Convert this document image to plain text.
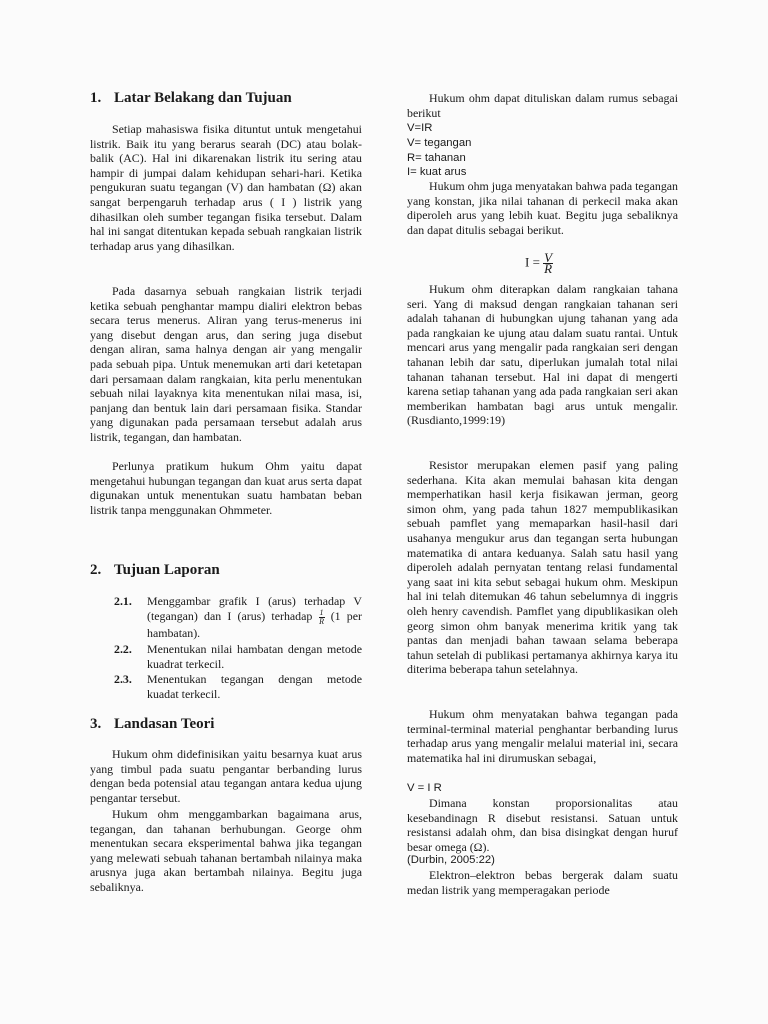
1. Latar Belakang dan Tujuan

Setiap mahasiswa fisika dituntut untuk mengetahui listrik. Baik itu yang berarus searah (DC) atau bolak-balik (AC). Hal ini dikarenakan listrik itu sering atau hampir di jumpai dalam kehidupan sehari-hari. Ketika pengukuran suatu tegangan (V) dan hambatan (Ω) akan sangat berpengaruh terhadap arus ( I ) listrik yang dihasilkan oleh sumber tegangan fisika tersebut. Dalam hal ini sangat ditentukan kepada sebuah rangkaian listrik terhadap arus yang dihasilkan.

Pada dasarnya sebuah rangkaian listrik terjadi ketika sebuah penghantar mampu dialiri elektron bebas secara terus menerus. Aliran yang terus-menerus ini yang disebut dengan arus, dan sering juga disebut dengan aliran, sama halnya dengan air yang mengalir pada sebuah pipa. Untuk menemukan arti dari ketetapan dari persamaan dalam rangkaian, kita perlu menentukan sebuah nilai layaknya kita menentukan nilai masa, isi, panjang dan bentuk lain dari persamaan fisika. Standar yang digunakan pada persamaan tersebut adalah arus listrik, tegangan, dan hambatan.

Perlunya pratikum hukum Ohm yaitu dapat mengetahui hubungan tegangan dan kuat arus serta dapat digunakan untuk menentukan suatu hambatan beban listrik tanpa menggunakan Ohmmeter.

2. Tujuan Laporan
2.1. Menggambar grafik I (arus) terhadap V (tegangan) dan I (arus) terhadap $\frac{1}{R} (1$ per hambatan).
2.2. Menentukan nilai hambatan dengan metode kuadrat terkecil.
2.3. Menentukan tegangan dengan metode kuadat terkecil.
3. Landasan Teori

Hukum ohm didefinisikan yaitu besarnya kuat arus yang timbul pada suatu pengantar berbanding lurus dengan beda potensial atau tegangan antara kedua ujung pengantar tersebut.

Hukum ohm menggambarkan bagaimana arus, tegangan, dan tahanan berhubungan. George ohm menentukan secara eksperimental bahwa jika tegangan yang melewati sebuah tahanan bertambah nilainya maka arusnya juga akan bertambah nilainya. Begitu juga sebaliknya.

Hukum ohm dapat dituliskan dalam rumus sebagai berikut

V=IR
V= tegangan
R= tahanan
I= kuat arus

Hukum ohm juga menyatakan bahwa pada tegangan yang konstan, jika nilai tahanan di perkecil maka akan diperoleh arus yang lebih kuat. Begitu juga sebaliknya dan dapat ditulis sebagai berikut.

$I = \frac{V}{R}$

Hukum ohm diterapkan dalam rangkaian tahana seri. Yang di maksud dengan rangkaian tahanan seri adalah tahanan di hubungkan ujung tahanan yang ada pada rangkaian ke ujung atau dalam suatu rantai. Untuk mencari arus yang mengalir pada rangkaian seri dengan tahanan lebih dar satu, diperlukan jumalah total nilai tahanan tahanan tersebut. Hal ini dapat di mengerti karena setiap tahanan yang ada pada rangkaian seri akan memberikan hambatan bagi arus untuk mengalir. (Rusdianto,1999:19)

Resistor merupakan elemen pasif yang paling sederhana. Kita akan memulai bahasan kita dengan memperhatikan hasil kerja fisikawan jerman, georg simon ohm, yang pada tahun 1827 mempublikasikan sebuah pamflet yang memaparkan hasil-hasil dari usahanya mengukur arus dan tegangan serta hubungan matematika di antara keduanya. Salah satu hasil yang diperoleh adalah pernyatan tentang relasi fundamental yang saat ini kita sebut sebagai hukum ohm. Meskipun hal ini telah ditemukan 46 tahun sebelumnya di inggris oleh henry cavendish. Pamflet yang dipublikasikan oleh georg simon ohm banyak menerima kritik yang tak pantas dan menjadi bahan tawaan selama beberapa tahun setelah di publikasi pertamanya akhirnya karya itu diterima beberapa tahun setelahnya.

Hukum ohm menyatakan bahwa tegangan pada terminal-terminal material penghantar berbanding lurus terhadap arus yang mengalir melalui material ini, secara matematika hal ini dirumuskan sebagai,

V = I R

Dimana konstan proporsionalitas atau kesebandinagn R disebut resistansi. Satuan untuk resistansi adalah ohm, dan bisa disingkat dengan huruf besar omega (Ω).

(Durbin, 2005:22)

Elektron–elektron bebas bergerak dalam suatu medan listrik yang memperagakan periode
